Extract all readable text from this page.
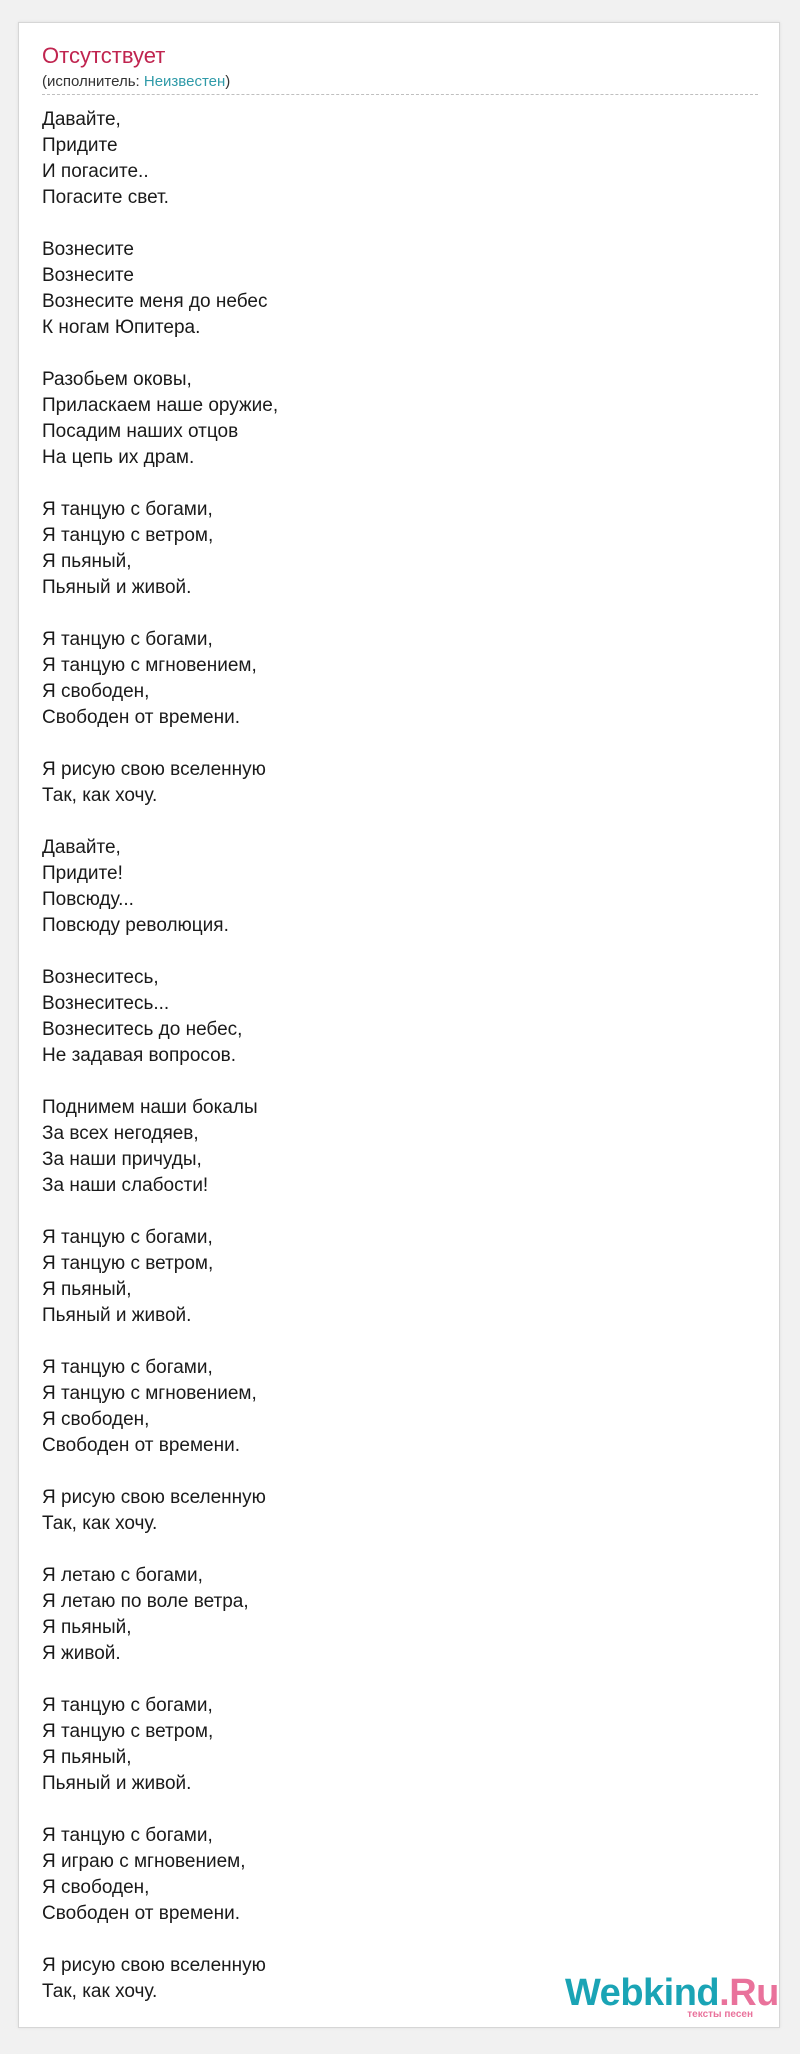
Отсутствует
(исполнитель: Неизвестен)
Давайте,
Придите
И погасите..
Погасите свет.
Вознесите
Вознесите
Вознесите меня до небес
К ногам Юпитера.
Разобьем оковы,
Приласкаем наше оружие,
Посадим наших отцов
На цепь их драм.
Я танцую с богами,
Я танцую с ветром,
Я пьяный,
Пьяный и живой.
Я танцую с богами,
Я танцую с мгновением,
Я свободен,
Свободен от времени.
Я рисую свою вселенную
Так, как хочу.
Давайте,
Придите!
Повсюду...
Повсюду революция.
Вознеситесь,
Вознеситесь...
Вознеситесь до небес,
Не задавая вопросов.
Поднимем наши бокалы
За всех негодяев,
За наши причуды,
За наши слабости!
Я танцую с богами,
Я танцую с ветром,
Я пьяный,
Пьяный и живой.
Я танцую с богами,
Я танцую с мгновением,
Я свободен,
Свободен от времени.
Я рисую свою вселенную
Так, как хочу.
Я летаю с богами,
Я летаю по воле ветра,
Я пьяный,
Я живой.
Я танцую с богами,
Я танцую с ветром,
Я пьяный,
Пьяный и живой.
Я танцую с богами,
Я играю с мгновением,
Я свободен,
Свободен от времени.
Я рисую свою вселенную
Так, как хочу.	Webkind.Ru
тексты песен
